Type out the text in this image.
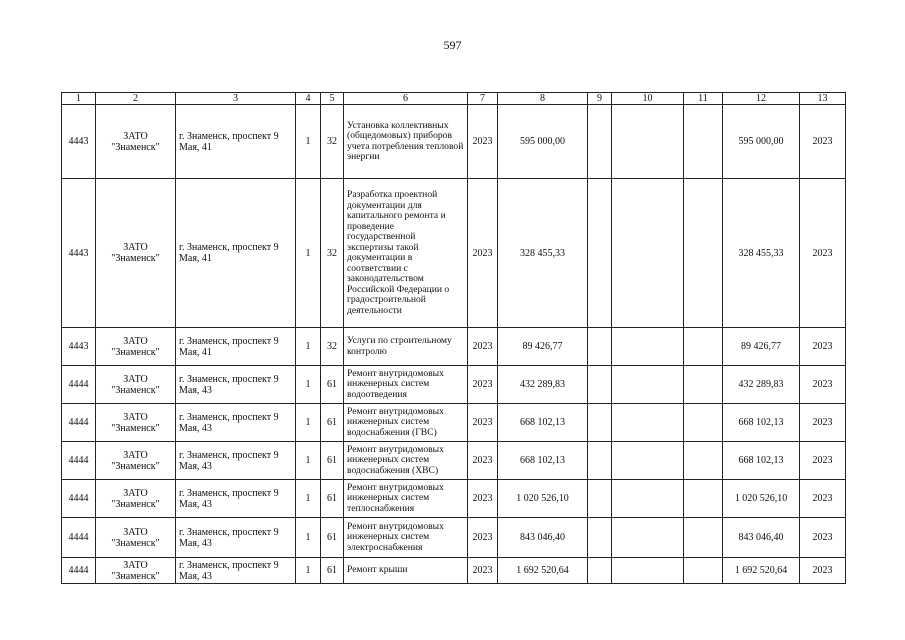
597
1	2	3	4	5	6	7	8	9	10	11	12	13
4443	ЗАТО "Знаменск"	г. Знаменск, проспект 9 Мая, 41	1	32	Установка коллективных (общедомовых) приборов учета потребления тепловой энергии	2023	595 000,00				595 000,00	2023
4443	ЗАТО "Знаменск"	г. Знаменск, проспект 9 Мая, 41	1	32	Разработка проектной документации для капитального ремонта и проведение государственной экспертизы такой документации в соответствии с законодательством Российской Федерации о градостроительной деятельности	2023	328 455,33				328 455,33	2023
4443	ЗАТО "Знаменск"	г. Знаменск, проспект 9 Мая, 41	1	32	Услуги по строительному контролю	2023	89 426,77				89 426,77	2023
4444	ЗАТО "Знаменск"	г. Знаменск, проспект 9 Мая, 43	1	61	Ремонт внутридомовых инженерных систем водоотведения	2023	432 289,83				432 289,83	2023
4444	ЗАТО "Знаменск"	г. Знаменск, проспект 9 Мая, 43	1	61	Ремонт внутридомовых инженерных систем водоснабжения (ГВС)	2023	668 102,13				668 102,13	2023
4444	ЗАТО "Знаменск"	г. Знаменск, проспект 9 Мая, 43	1	61	Ремонт внутридомовых инженерных систем водоснабжения (ХВС)	2023	668 102,13				668 102,13	2023
4444	ЗАТО "Знаменск"	г. Знаменск, проспект 9 Мая, 43	1	61	Ремонт внутридомовых инженерных систем теплоснабжения	2023	1 020 526,10				1 020 526,10	2023
4444	ЗАТО "Знаменск"	г. Знаменск, проспект 9 Мая, 43	1	61	Ремонт внутридомовых инженерных систем электроснабжения	2023	843 046,40				843 046,40	2023
4444	ЗАТО "Знаменск"	г. Знаменск, проспект 9 Мая, 43	1	61	Ремонт крыши	2023	1 692 520,64				1 692 520,64	2023
